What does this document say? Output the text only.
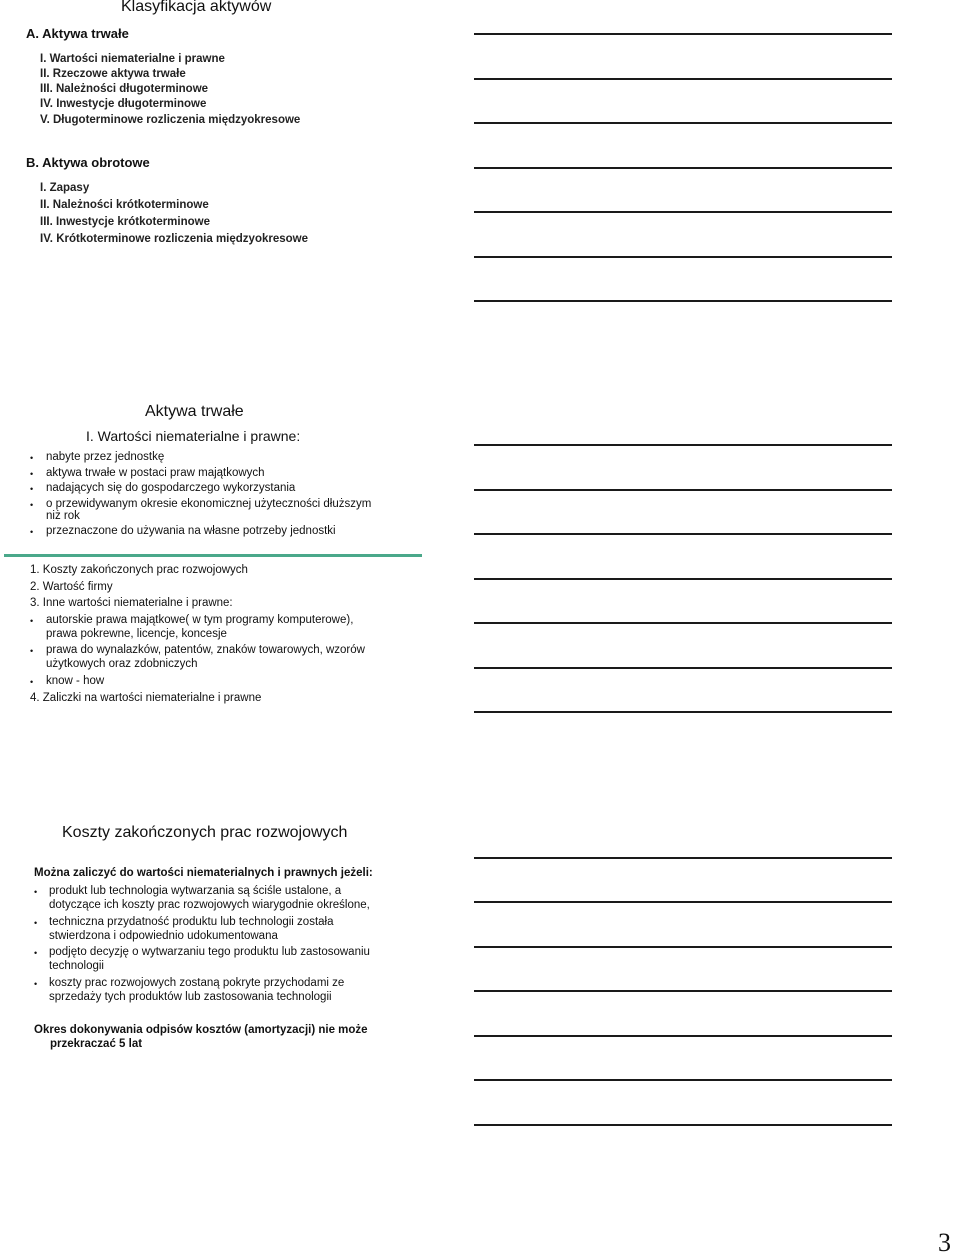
Klasyfikacja aktywów
A. Aktywa trwałe
I. Wartości niematerialne i prawne
II. Rzeczowe aktywa trwałe
III. Należności długoterminowe
IV. Inwestycje długoterminowe
V. Długoterminowe rozliczenia międzyokresowe
B. Aktywa obrotowe
I. Zapasy
II. Należności krótkoterminowe
III. Inwestycje krótkoterminowe
IV. Krótkoterminowe rozliczenia międzyokresowe
Aktywa trwałe
I. Wartości niematerialne i prawne:
• nabyte przez jednostkę
• aktywa trwałe w postaci praw majątkowych
• nadających się do gospodarczego wykorzystania
• o przewidywanym okresie ekonomicznej użyteczności dłuższym
niż rok
• przeznaczone do używania na własne potrzeby jednostki
1. Koszty zakończonych prac rozwojowych
2. Wartość firmy
3. Inne wartości niematerialne i prawne:
• autorskie prawa majątkowe( w tym programy komputerowe),
prawa pokrewne, licencje, koncesje
• prawa do wynalazków, patentów, znaków towarowych, wzorów
użytkowych oraz zdobniczych
• know - how
4. Zaliczki na wartości niematerialne i prawne
Koszty zakończonych prac rozwojowych
Można zaliczyć do wartości niematerialnych i prawnych jeżeli:
• produkt lub technologia wytwarzania są ściśle ustalone, a
dotyczące ich koszty prac rozwojowych wiarygodnie określone,
• techniczna przydatność produktu lub technologii została
stwierdzona i odpowiednio udokumentowana
• podjęto decyzję o wytwarzaniu tego produktu lub zastosowaniu
technologii
• koszty prac rozwojowych zostaną pokryte przychodami ze
sprzedaży tych produktów lub zastosowania technologii
Okres dokonywania odpisów kosztów (amortyzacji) nie może
przekraczać 5 lat
3
